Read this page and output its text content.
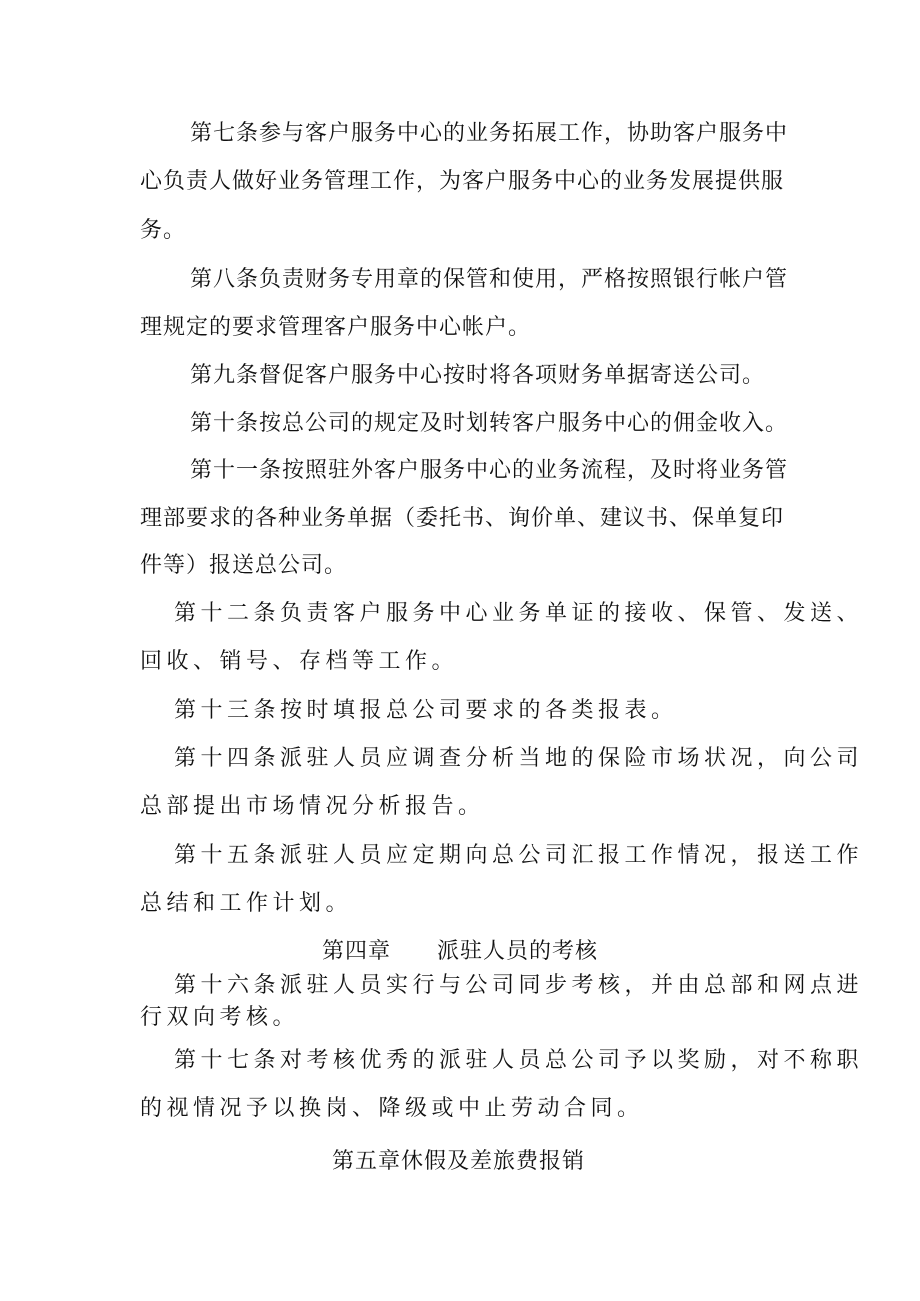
第七条参与客户服务中心的业务拓展工作，协助客户服务中
心负责人做好业务管理工作，为客户服务中心的业务发展提供服
务。
第八条负责财务专用章的保管和使用，严格按照银行帐户管
理规定的要求管理客户服务中心帐户。
第九条督促客户服务中心按时将各项财务单据寄送公司。
第十条按总公司的规定及时划转客户服务中心的佣金收入。
第十一条按照驻外客户服务中心的业务流程，及时将业务管
理部要求的各种业务单据（委托书、询价单、建议书、保单复印
件等）报送总公司。
第十二条负责客户服务中心业务单证的接收、保管、发送、
回收、销号、存档等工作。
第十三条按时填报总公司要求的各类报表。
第十四条派驻人员应调查分析当地的保险市场状况，向公司
总部提出市场情况分析报告。
第十五条派驻人员应定期向总公司汇报工作情况，报送工作
总结和工作计划。
第四章 派驻人员的考核
第十六条派驻人员实行与公司同步考核，并由总部和网点进
行双向考核。
第十七条对考核优秀的派驻人员总公司予以奖励，对不称职
的视情况予以换岗、降级或中止劳动合同。
第五章休假及差旅费报销
